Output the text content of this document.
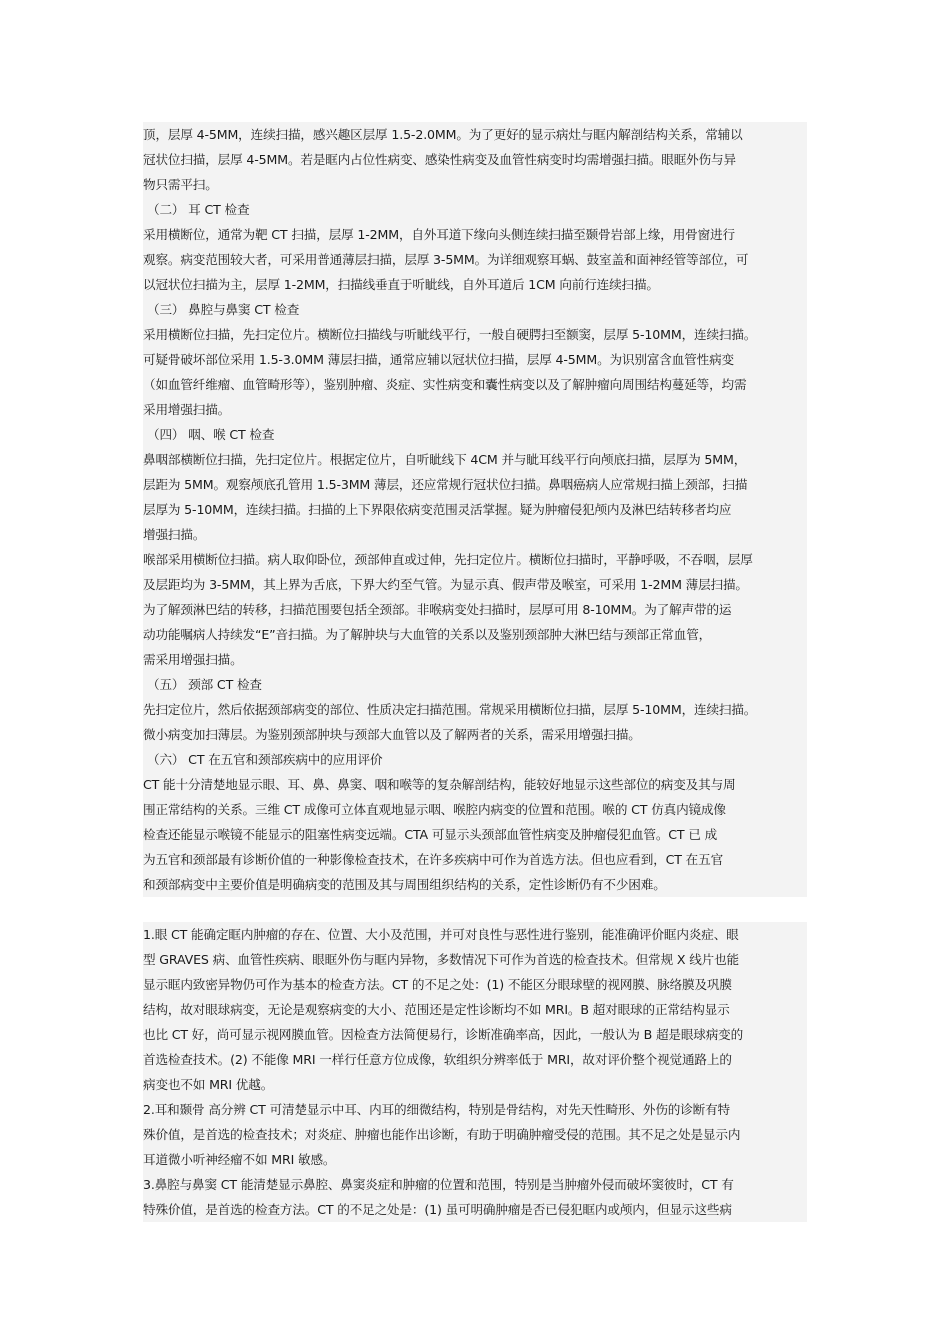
顶，层厚 4-5MM，连续扫描，感兴趣区层厚 1.5-2.0MM。为了更好的显示病灶与眶内解剖结构关系，常辅以
冠状位扫描，层厚 4-5MM。若是眶内占位性病变、感染性病变及血管性病变时均需增强扫描。眼眶外伤与异
物只需平扫。
（二） 耳 CT 检查
采用横断位，通常为靶 CT 扫描，层厚 1-2MM，自外耳道下缘向头侧连续扫描至颞骨岩部上缘，用骨窗进行
观察。病变范围较大者，可采用普通薄层扫描，层厚 3-5MM。为详细观察耳蜗、鼓室盖和面神经管等部位，可
以冠状位扫描为主，层厚 1-2MM，扫描线垂直于听眦线，自外耳道后 1CM 向前行连续扫描。
（三） 鼻腔与鼻窦 CT 检查
采用横断位扫描，先扫定位片。横断位扫描线与听眦线平行，一般自硬腭扫至额窦，层厚 5-10MM，连续扫描。
可疑骨破坏部位采用 1.5-3.0MM 薄层扫描，通常应辅以冠状位扫描，层厚 4-5MM。为识别富含血管性病变
（如血管纤维瘤、血管畸形等），鉴别肿瘤、炎症、实性病变和囊性病变以及了解肿瘤向周围结构蔓延等，均需
采用增强扫描。
（四） 咽、喉 CT 检查
鼻咽部横断位扫描，先扫定位片。根据定位片，自听眦线下 4CM 并与眦耳线平行向颅底扫描，层厚为 5MM，
层距为 5MM。观察颅底孔管用 1.5-3MM 薄层，还应常规行冠状位扫描。鼻咽癌病人应常规扫描上颈部，扫描
层厚为 5-10MM，连续扫描。扫描的上下界限依病变范围灵活掌握。疑为肿瘤侵犯颅内及淋巴结转移者均应
增强扫描。
喉部采用横断位扫描。病人取仰卧位，颈部伸直或过伸，先扫定位片。横断位扫描时，平静呼吸，不吞咽，层厚
及层距均为 3-5MM，其上界为舌底，下界大约至气管。为显示真、假声带及喉室，可采用 1-2MM 薄层扫描。
为了解颈淋巴结的转移，扫描范围要包括全颈部。非喉病变处扫描时，层厚可用 8-10MM。为了解声带的运
动功能嘱病人持续发“E”音扫描。为了解肿块与大血管的关系以及鉴别颈部肿大淋巴结与颈部正常血管，
需采用增强扫描。
（五） 颈部 CT 检查
先扫定位片，然后依据颈部病变的部位、性质决定扫描范围。常规采用横断位扫描，层厚 5-10MM，连续扫描。
微小病变加扫薄层。为鉴别颈部肿块与颈部大血管以及了解两者的关系，需采用增强扫描。
（六） CT 在五官和颈部疾病中的应用评价
CT 能十分清楚地显示眼、耳、鼻、鼻窦、咽和喉等的复杂解剖结构，能较好地显示这些部位的病变及其与周
围正常结构的关系。三维 CT 成像可立体直观地显示咽、喉腔内病变的位置和范围。喉的 CT 仿真内镜成像
检查还能显示喉镜不能显示的阻塞性病变远端。CTA 可显示头颈部血管性病变及肿瘤侵犯血管。CT 已 成
为五官和颈部最有诊断价值的一种影像检查技术，在许多疾病中可作为首选方法。但也应看到，CT 在五官
和颈部病变中主要价值是明确病变的范围及其与周围组织结构的关系，定性诊断仍有不少困难。
1.眼 CT 能确定眶内肿瘤的存在、位置、大小及范围，并可对良性与恶性进行鉴别，能准确评价眶内炎症、眼
型 GRAVES 病、血管性疾病、眼眶外伤与眶内异物，多数情况下可作为首选的检查技术。但常规 X 线片也能
显示眶内致密异物仍可作为基本的检查方法。CT 的不足之处：(1) 不能区分眼球壁的视网膜、脉络膜及巩膜
结构，故对眼球病变，无论是观察病变的大小、范围还是定性诊断均不如 MRI。B 超对眼球的正常结构显示
也比 CT 好，尚可显示视网膜血管。因检查方法简便易行，诊断准确率高，因此，一般认为 B 超是眼球病变的
首选检查技术。(2) 不能像 MRI 一样行任意方位成像，软组织分辨率低于 MRI，故对评价整个视觉通路上的
病变也不如 MRI 优越。
2.耳和颞骨 高分辨 CT 可清楚显示中耳、内耳的细微结构，特别是骨结构，对先天性畸形、外伤的诊断有特
殊价值，是首选的检查技术；对炎症、肿瘤也能作出诊断，有助于明确肿瘤受侵的范围。其不足之处是显示内
耳道微小听神经瘤不如 MRI 敏感。
3.鼻腔与鼻窦 CT 能清楚显示鼻腔、鼻窦炎症和肿瘤的位置和范围，特别是当肿瘤外侵而破坏窦彼时，CT 有
特殊价值，是首选的检查方法。CT 的不足之处是：(1) 虽可明确肿瘤是否已侵犯眶内或颅内，但显示这些病
